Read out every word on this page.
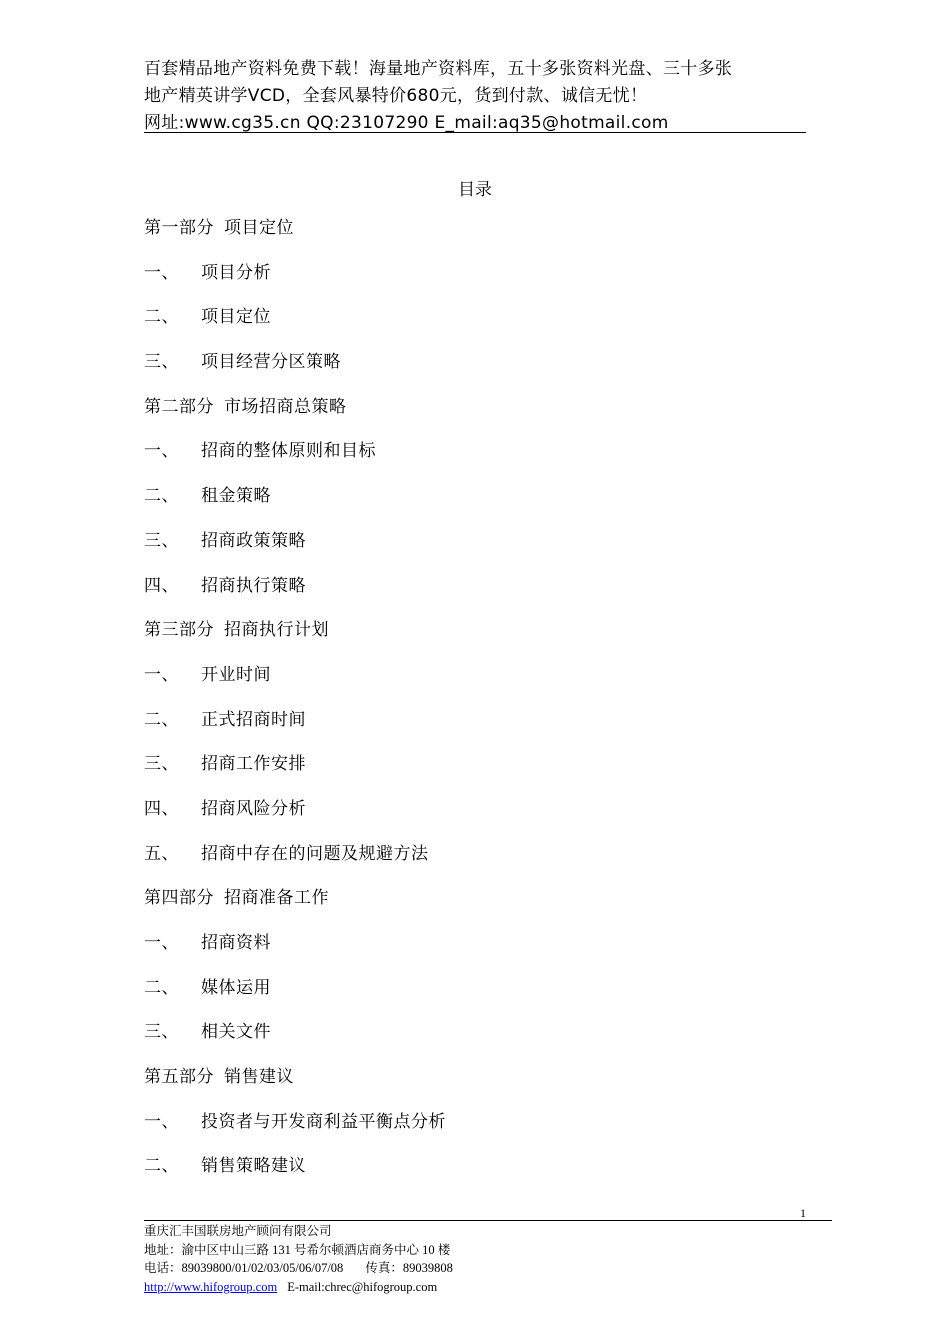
百套精品地产资料免费下载！海量地产资料库，五十多张资料光盘、三十多张
地产精英讲学VCD，全套风暴特价680元，货到付款、诚信无忧！
网址:www.cg35.cn QQ:23107290 E_mail:aq35@hotmail.com
目录
第一部分 项目定位
一、 项目分析
二、 项目定位
三、 项目经营分区策略
第二部分 市场招商总策略
一、 招商的整体原则和目标
二、 租金策略
三、 招商政策策略
四、 招商执行策略
第三部分 招商执行计划
一、 开业时间
二、 正式招商时间
三、 招商工作安排
四、 招商风险分析
五、 招商中存在的问题及规避方法
第四部分 招商准备工作
一、 招商资料
二、 媒体运用
三、 相关文件
第五部分 销售建议
一、 投资者与开发商利益平衡点分析
二、 销售策略建议
1
重庆汇丰国联房地产顾问有限公司
地址：渝中区中山三路 131 号希尔顿酒店商务中心 10 楼
电话：89039800/01/02/03/05/06/07/08 传真：89039808
http://www.hifogroup.com E-mail:chrec@hifogroup.com
